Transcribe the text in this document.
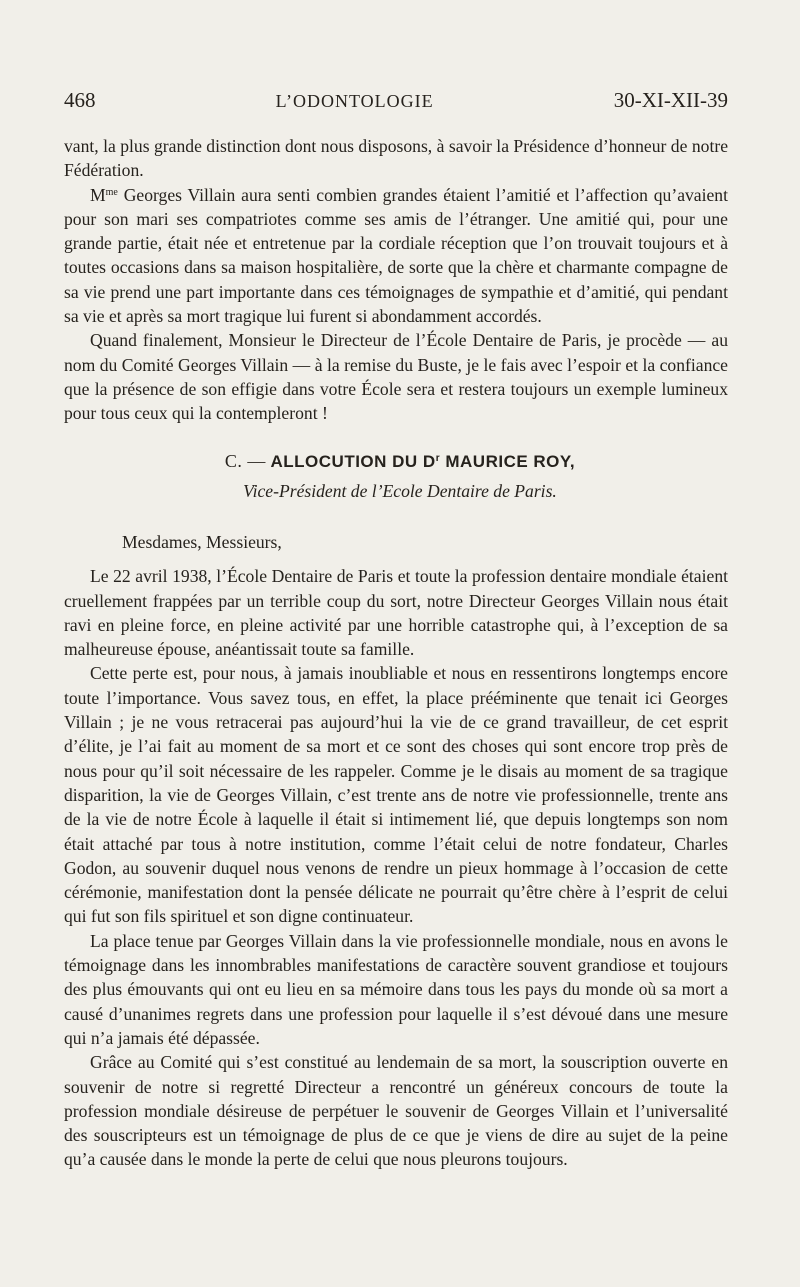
468	L’ODONTOLOGIE	30-XI-XII-39

vant, la plus grande distinction dont nous disposons, à savoir la Présidence d’honneur de notre Fédération.

$M^{me}$ Georges Villain aura senti combien grandes étaient l’amitié et l’affection qu’avaient pour son mari ses compatriotes comme ses amis de l’étranger. Une amitié qui, pour une grande partie, était née et entretenue par la cordiale réception que l’on trouvait toujours et à toutes occasions dans sa maison hospitalière, de sorte que la chère et charmante compagne de sa vie prend une part importante dans ces témoignages de sympathie et d’amitié, qui pendant sa vie et après sa mort tragique lui furent si abondamment accordés.

Quand finalement, Monsieur le Directeur de l’École Dentaire de Paris, je procède — au nom du Comité Georges Villain — à la remise du Buste, je le fais avec l’espoir et la confiance que la présence de son effigie dans votre École sera et restera toujours un exemple lumineux pour tous ceux qui la contempleront !

C. — ALLOCUTION DU $D^r$ MAURICE ROY,
Vice-Président de l’Ecole Dentaire de Paris.

Mesdames, Messieurs,

Le 22 avril 1938, l’École Dentaire de Paris et toute la profession dentaire mondiale étaient cruellement frappées par un terrible coup du sort, notre Directeur Georges Villain nous était ravi en pleine force, en pleine activité par une horrible catastrophe qui, à l’exception de sa malheureuse épouse, anéantissait toute sa famille.

Cette perte est, pour nous, à jamais inoubliable et nous en ressentirons longtemps encore toute l’importance. Vous savez tous, en effet, la place prééminente que tenait ici Georges Villain ; je ne vous retracerai pas aujourd’hui la vie de ce grand travailleur, de cet esprit d’élite, je l’ai fait au moment de sa mort et ce sont des choses qui sont encore trop près de nous pour qu’il soit nécessaire de les rappeler. Comme je le disais au moment de sa tragique disparition, la vie de Georges Villain, c’est trente ans de notre vie professionnelle, trente ans de la vie de notre École à laquelle il était si intimement lié, que depuis longtemps son nom était attaché par tous à notre institution, comme l’était celui de notre fondateur, Charles Godon, au souvenir duquel nous venons de rendre un pieux hommage à l’occasion de cette cérémonie, manifestation dont la pensée délicate ne pourrait qu’être chère à l’esprit de celui qui fut son fils spirituel et son digne continuateur.

La place tenue par Georges Villain dans la vie professionnelle mondiale, nous en avons le témoignage dans les innombrables manifestations de caractère souvent grandiose et toujours des plus émouvants qui ont eu lieu en sa mémoire dans tous les pays du monde où sa mort a causé d’unanimes regrets dans une profession pour laquelle il s’est dévoué dans une mesure qui n’a jamais été dépassée.

Grâce au Comité qui s’est constitué au lendemain de sa mort, la souscription ouverte en souvenir de notre si regretté Directeur a rencontré un généreux concours de toute la profession mondiale désireuse de perpétuer le souvenir de Georges Villain et l’universalité des souscripteurs est un témoignage de plus de ce que je viens de dire au sujet de la peine qu’a causée dans le monde la perte de celui que nous pleurons toujours.
